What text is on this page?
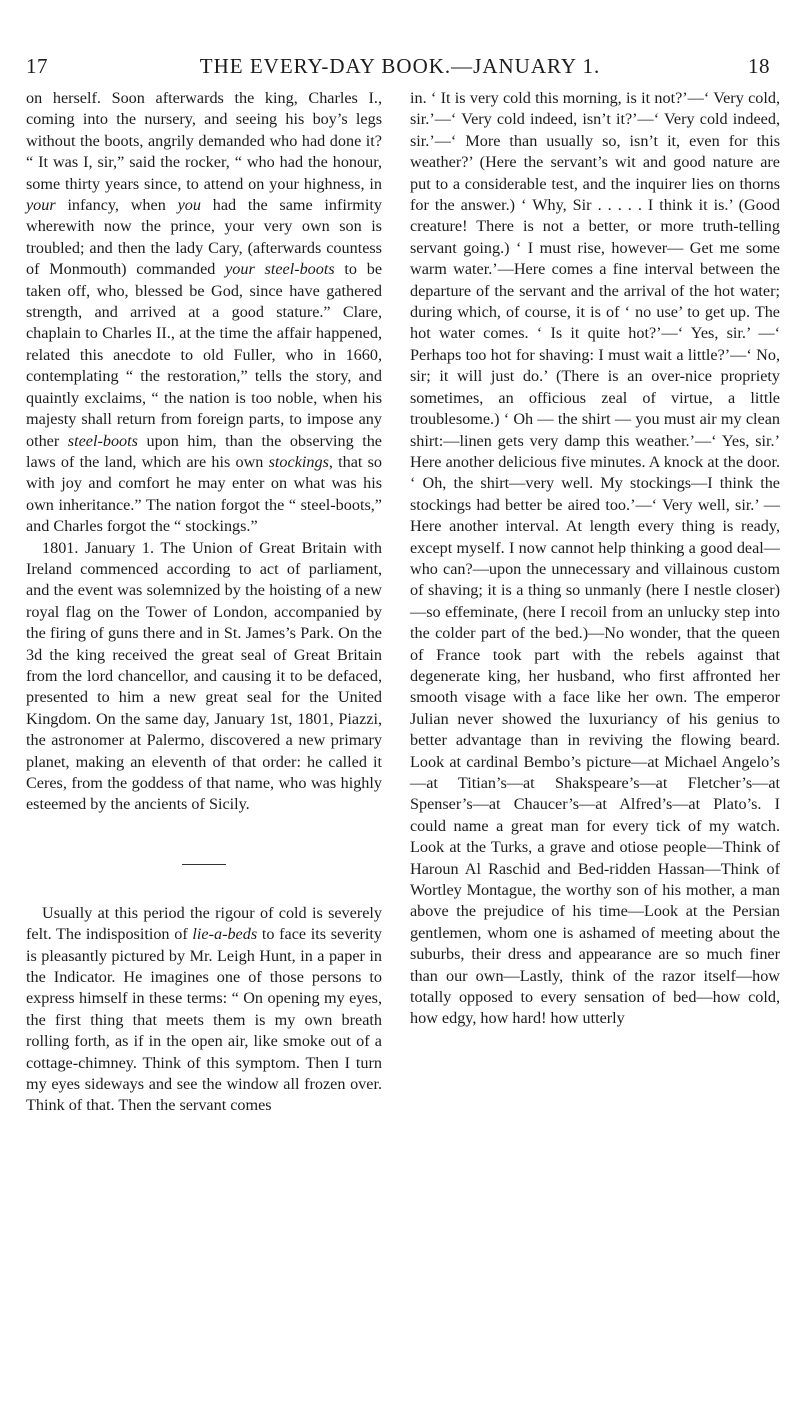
17	THE EVERY-DAY BOOK.—JANUARY 1.	18

on herself. Soon afterwards the king, Charles I., coming into the nursery, and seeing his boy’s legs without the boots, angrily demanded who had done it? “ It was I, sir,” said the rocker, “ who had the honour, some thirty years since, to attend on your highness, in your infancy, when you had the same infirmity wherewith now the prince, your very own son is troubled; and then the lady Cary, (afterwards countess of Monmouth) commanded your steel-boots to be taken off, who, blessed be God, since have gathered strength, and arrived at a good stature.” Clare, chaplain to Charles II., at the time the affair happened, related this anecdote to old Fuller, who in 1660, contemplating “ the restoration,” tells the story, and quaintly exclaims, “ the nation is too noble, when his majesty shall return from foreign parts, to impose any other steel-boots upon him, than the observing the laws of the land, which are his own stockings, that so with joy and comfort he may enter on what was his own inheritance.” The nation forgot the “ steel-boots,” and Charles forgot the “ stockings.”

1801. January 1. The Union of Great Britain with Ireland commenced according to act of parliament, and the event was solemnized by the hoisting of a new royal flag on the Tower of London, accompanied by the firing of guns there and in St. James’s Park. On the 3d the king received the great seal of Great Britain from the lord chancellor, and causing it to be defaced, presented to him a new great seal for the United Kingdom. On the same day, January 1st, 1801, Piazzi, the astronomer at Palermo, discovered a new primary planet, making an eleventh of that order: he called it Ceres, from the goddess of that name, who was highly esteemed by the ancients of Sicily.

Usually at this period the rigour of cold is severely felt. The indisposition of lie-a-beds to face its severity is pleasantly pictured by Mr. Leigh Hunt, in a paper in the Indicator. He imagines one of those persons to express himself in these terms: “ On opening my eyes, the first thing that meets them is my own breath rolling forth, as if in the open air, like smoke out of a cottage-chimney. Think of this symptom. Then I turn my eyes sideways and see the window all frozen over. Think of that. Then the servant comes

in. ‘ It is very cold this morning, is it not?’—‘ Very cold, sir.’—‘ Very cold indeed, isn’t it?’—‘ Very cold indeed, sir.’—‘ More than usually so, isn’t it, even for this weather?’ (Here the servant’s wit and good nature are put to a considerable test, and the inquirer lies on thorns for the answer.) ‘ Why, Sir . . . . . I think it is.’ (Good creature! There is not a better, or more truth-telling servant going.) ‘ I must rise, however— Get me some warm water.’—Here comes a fine interval between the departure of the servant and the arrival of the hot water; during which, of course, it is of ‘ no use’ to get up. The hot water comes. ‘ Is it quite hot?’—‘ Yes, sir.’ —‘ Perhaps too hot for shaving: I must wait a little?’—‘ No, sir; it will just do.’ (There is an over-nice propriety sometimes, an officious zeal of virtue, a little troublesome.) ‘ Oh — the shirt — you must air my clean shirt:—linen gets very damp this weather.’—‘ Yes, sir.’ Here another delicious five minutes. A knock at the door. ‘ Oh, the shirt—very well. My stockings—I think the stockings had better be aired too.’—‘ Very well, sir.’ —Here another interval. At length every thing is ready, except myself. I now cannot help thinking a good deal—who can?—upon the unnecessary and villainous custom of shaving; it is a thing so unmanly (here I nestle closer)—so effeminate, (here I recoil from an unlucky step into the colder part of the bed.)—No wonder, that the queen of France took part with the rebels against that degenerate king, her husband, who first affronted her smooth visage with a face like her own. The emperor Julian never showed the luxuriancy of his genius to better advantage than in reviving the flowing beard. Look at cardinal Bembo’s picture—at Michael Angelo’s—at Titian’s—at Shakspeare’s—at Fletcher’s—at Spenser’s—at Chaucer’s—at Alfred’s—at Plato’s. I could name a great man for every tick of my watch. Look at the Turks, a grave and otiose people—Think of Haroun Al Raschid and Bed-ridden Hassan—Think of Wortley Montague, the worthy son of his mother, a man above the prejudice of his time—Look at the Persian gentlemen, whom one is ashamed of meeting about the suburbs, their dress and appearance are so much finer than our own—Lastly, think of the razor itself—how totally opposed to every sensation of bed—how cold, how edgy, how hard! how utterly
